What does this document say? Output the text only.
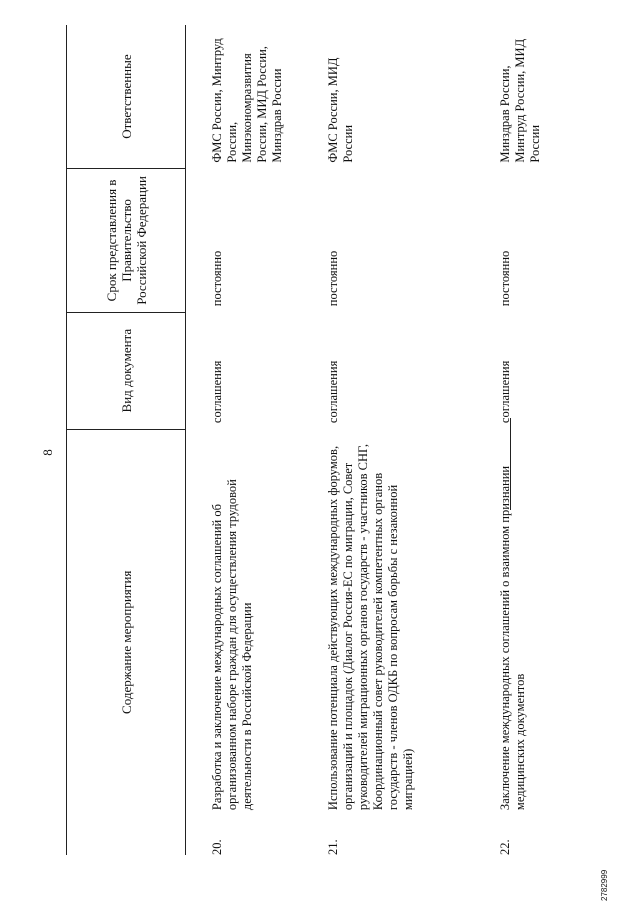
8
Содержание мероприятия		Вид документа	Срок представления в Правительство Российской Федерации	Ответственные
20.	Разработка и заключение международных соглашений об организованном наборе граждан для осуществления трудовой деятельности в Российской Федерации	соглашения	постоянно	ФМС России, Минтруд России, Минэкономразвития России, МИД России, Минздрав России
21.	Использование потенциала действующих международных форумов, организаций и площадок (Диалог Россия-ЕС по миграции, Совет руководителей миграционных органов государств - участников СНГ, Координационный совет руководителей компетентных органов государств - членов ОДКБ по вопросам борьбы с незаконной миграцией)	соглашения	постоянно	ФМС России, МИД России
22.	Заключение международных соглашений о взаимном признании медицинских документов	соглашения	постоянно	Минздрав России, Минтруд России, МИД России
2782999
